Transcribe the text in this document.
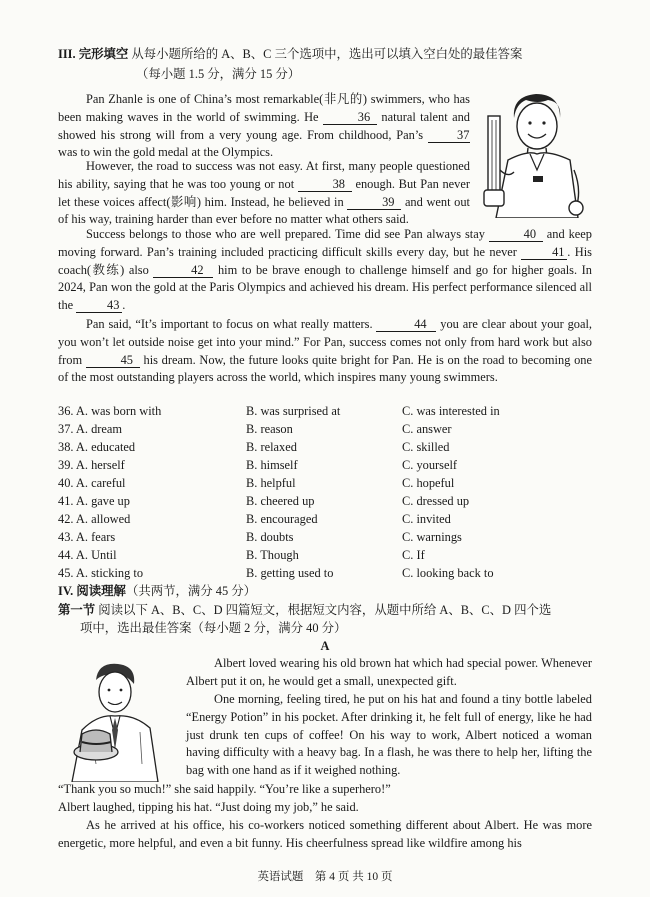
III. 完形填空 从每小题所给的 A、B、C 三个选项中，选出可以填入空白处的最佳答案
（每小题 1.5 分，满分 15 分）

Pan Zhanle is one of China’s most remarkable(非凡的) swimmers, who has been making waves in the world of swimming. He	36 natural talent and showed his strong will from a very young age. From childhood, Pan’s	37 was to win the gold medal at the Olympics.

However, the road to success was not easy. At first, many people questioned his ability, saying that he was too young or not	38 enough. But Pan never let these voices affect(影响) him. Instead, he believed in	39 and went out of his way, training harder than ever before no matter what others said.

Success belongs to those who are well prepared. Time did see Pan always stay	40 and keep moving forward. Pan’s training included practicing difficult skills every day, but he never	41 . His coach(教练) also	42 him to be brave enough to challenge himself and go for higher goals. In 2024, Pan won the gold at the Paris Olympics and achieved his dream. His perfect performance silenced all the	43 .

Pan said, “It’s important to focus on what really matters.	44 you are clear about your goal, you won’t let outside noise get into your mind.” For Pan, success comes not only from hard work but also from	45 his dream. Now, the future looks quite bright for Pan. He is on the road to becoming one of the most outstanding players across the world, which inspires many young swimmers.

36. A. was born with	B. was surprised at	C. was interested in
37. A. dream	B. reason	C. answer
38. A. educated	B. relaxed	C. skilled
39. A. herself	B. himself	C. yourself
40. A. careful	B. helpful	C. hopeful
41. A. gave up	B. cheered up	C. dressed up
42. A. allowed	B. encouraged	C. invited
43. A. fears	B. doubts	C. warnings
44. A. Until	B. Though	C. If
45. A. sticking to	B. getting used to	C. looking back to
IV. 阅读理解（共两节，满分 45 分）
第一节 阅读以下 A、B、C、D 四篇短文，根据短文内容，从题中所给 A、B、C、D 四个选
项中，选出最佳答案（每小题 2 分，满分 40 分）
A

Albert loved wearing his old brown hat which had special power. Whenever Albert put it on, he would get a small, unexpected gift.

One morning, feeling tired, he put on his hat and found a tiny bottle labeled “Energy Potion” in his pocket. After drinking it, he felt full of energy, like he had just drunk ten cups of coffee! On his way to work, Albert noticed a woman having difficulty with a heavy bag. In a flash, he was there to help her, lifting the bag with one hand as if it weighed nothing.

“Thank you so much!” she said happily. “You’re like a superhero!”

Albert laughed, tipping his hat. “Just doing my job,” he said.

As he arrived at his office, his co-workers noticed something different about Albert. He was more energetic, more helpful, and even a bit funny. His cheerfulness spread like wildfire among his

英语试题　第 4 页 共 10 页
